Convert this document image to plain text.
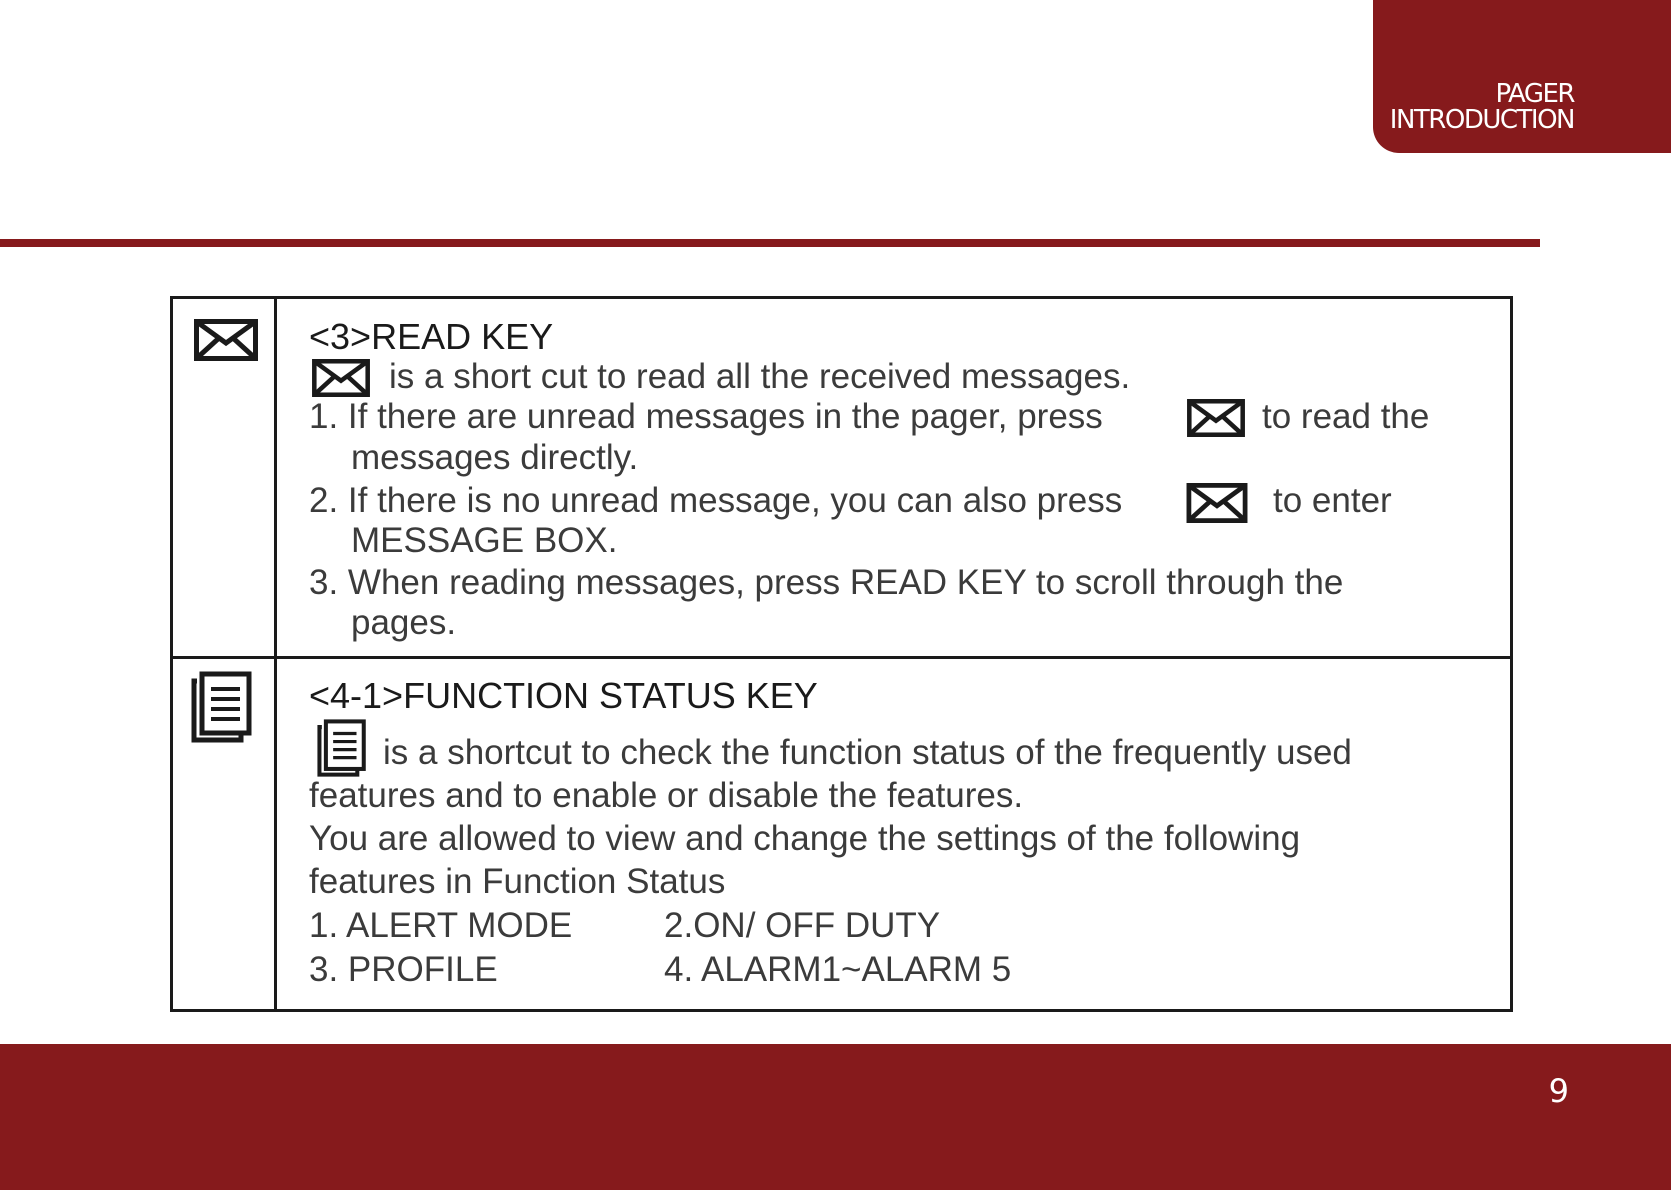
PAGER
INTRODUCTION
<3>READ KEY
is a short cut to read all the received messages.
1. If there are unread messages in the pager, press	to read the
messages directly.
2. If there is no unread message, you can also press	to enter
MESSAGE BOX.
3. When reading messages, press READ KEY to scroll through the
pages.
<4-1>FUNCTION STATUS KEY
is a shortcut to check the function status of the frequently used
features and to enable or disable the features.
You are allowed to view and change the settings of the following
features in Function Status
1. ALERT MODE	2.ON/ OFF DUTY
3. PROFILE	4. ALARM1~ALARM 5
9
